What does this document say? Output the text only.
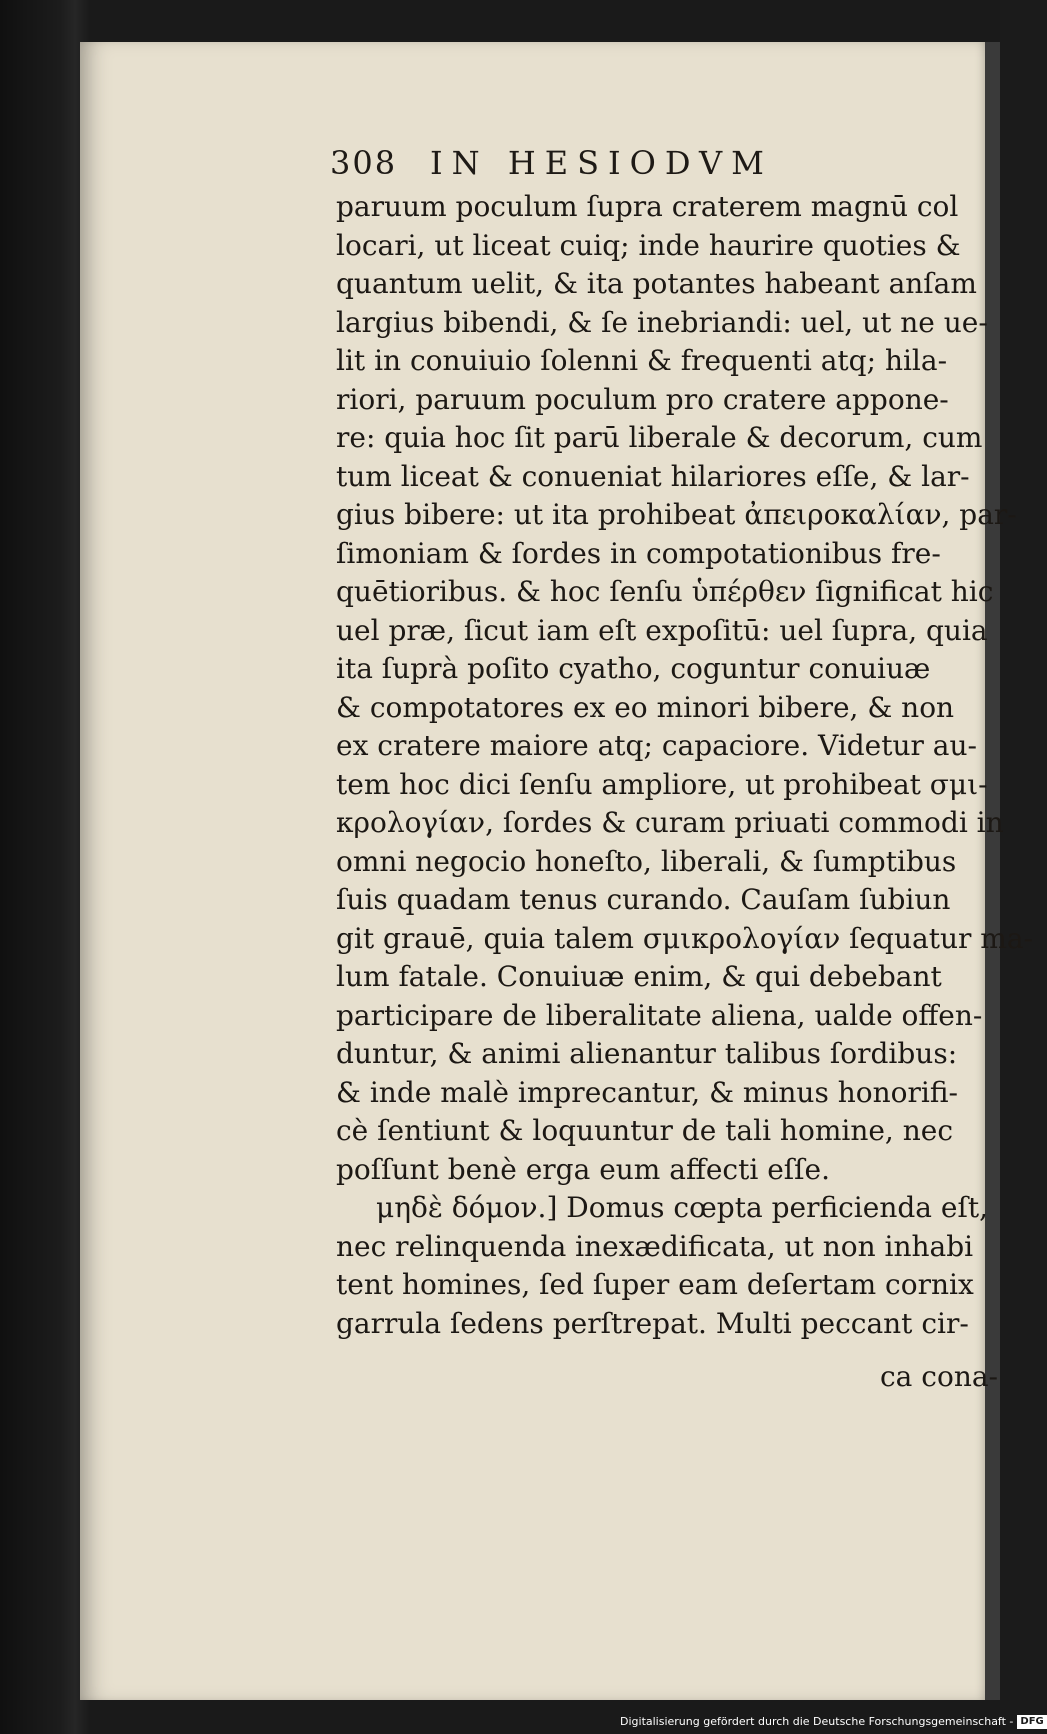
308 IN HESIODVM
paruum poculum ſupra craterem magnū col
locari, ut liceat cuiq; inde haurire quoties &
quantum uelit, & ita potantes habeant anſam
largius bibendi, & ſe inebriandi: uel, ut ne ue-
lit in conuiuio ſolenni & frequenti atq; hila-
riori, paruum poculum pro cratere appone-
re: quia hoc ſit parū liberale & decorum, cum
tum liceat & conueniat hilariores eſſe, & lar-
gius bibere: ut ita prohibeat ἀπειροκαλίαν, par-
ſimoniam & ſordes in compotationibus fre-
quētioribus. & hoc ſenſu ὑπέρθεν ſignificat hic
uel præ, ſicut iam eſt expoſitū: uel ſupra, quia
ita ſuprà poſito cyatho, coguntur conuiuæ
& compotatores ex eo minori bibere, & non
ex cratere maiore atq; capaciore. Videtur au-
tem hoc dici ſenſu ampliore, ut prohibeat σμι-
κρολογίαν, ſordes & curam priuati commodi in
omni negocio honeſto, liberali, & ſumptibus
ſuis quadam tenus curando. Cauſam ſubiun
git grauē, quia talem σμικρολογίαν ſequatur ma-
lum fatale. Conuiuæ enim, & qui debebant
participare de liberalitate aliena, ualde offen-
duntur, & animi alienantur talibus ſordibus:
& inde malè imprecantur, & minus honorifi-
cè ſentiunt & loquuntur de tali homine, nec
poſſunt benè erga eum affecti eſſe.
μηδὲ δόμον.] Domus cœpta perficienda eſt,
nec relinquenda inexædificata, ut non inhabi
tent homines, ſed ſuper eam deſertam cornix
garrula ſedens perſtrepat. Multi peccant cir-
ca cona-
Digitalisierung gefördert durch die Deutsche Forschungsgemeinschaft - DFG
